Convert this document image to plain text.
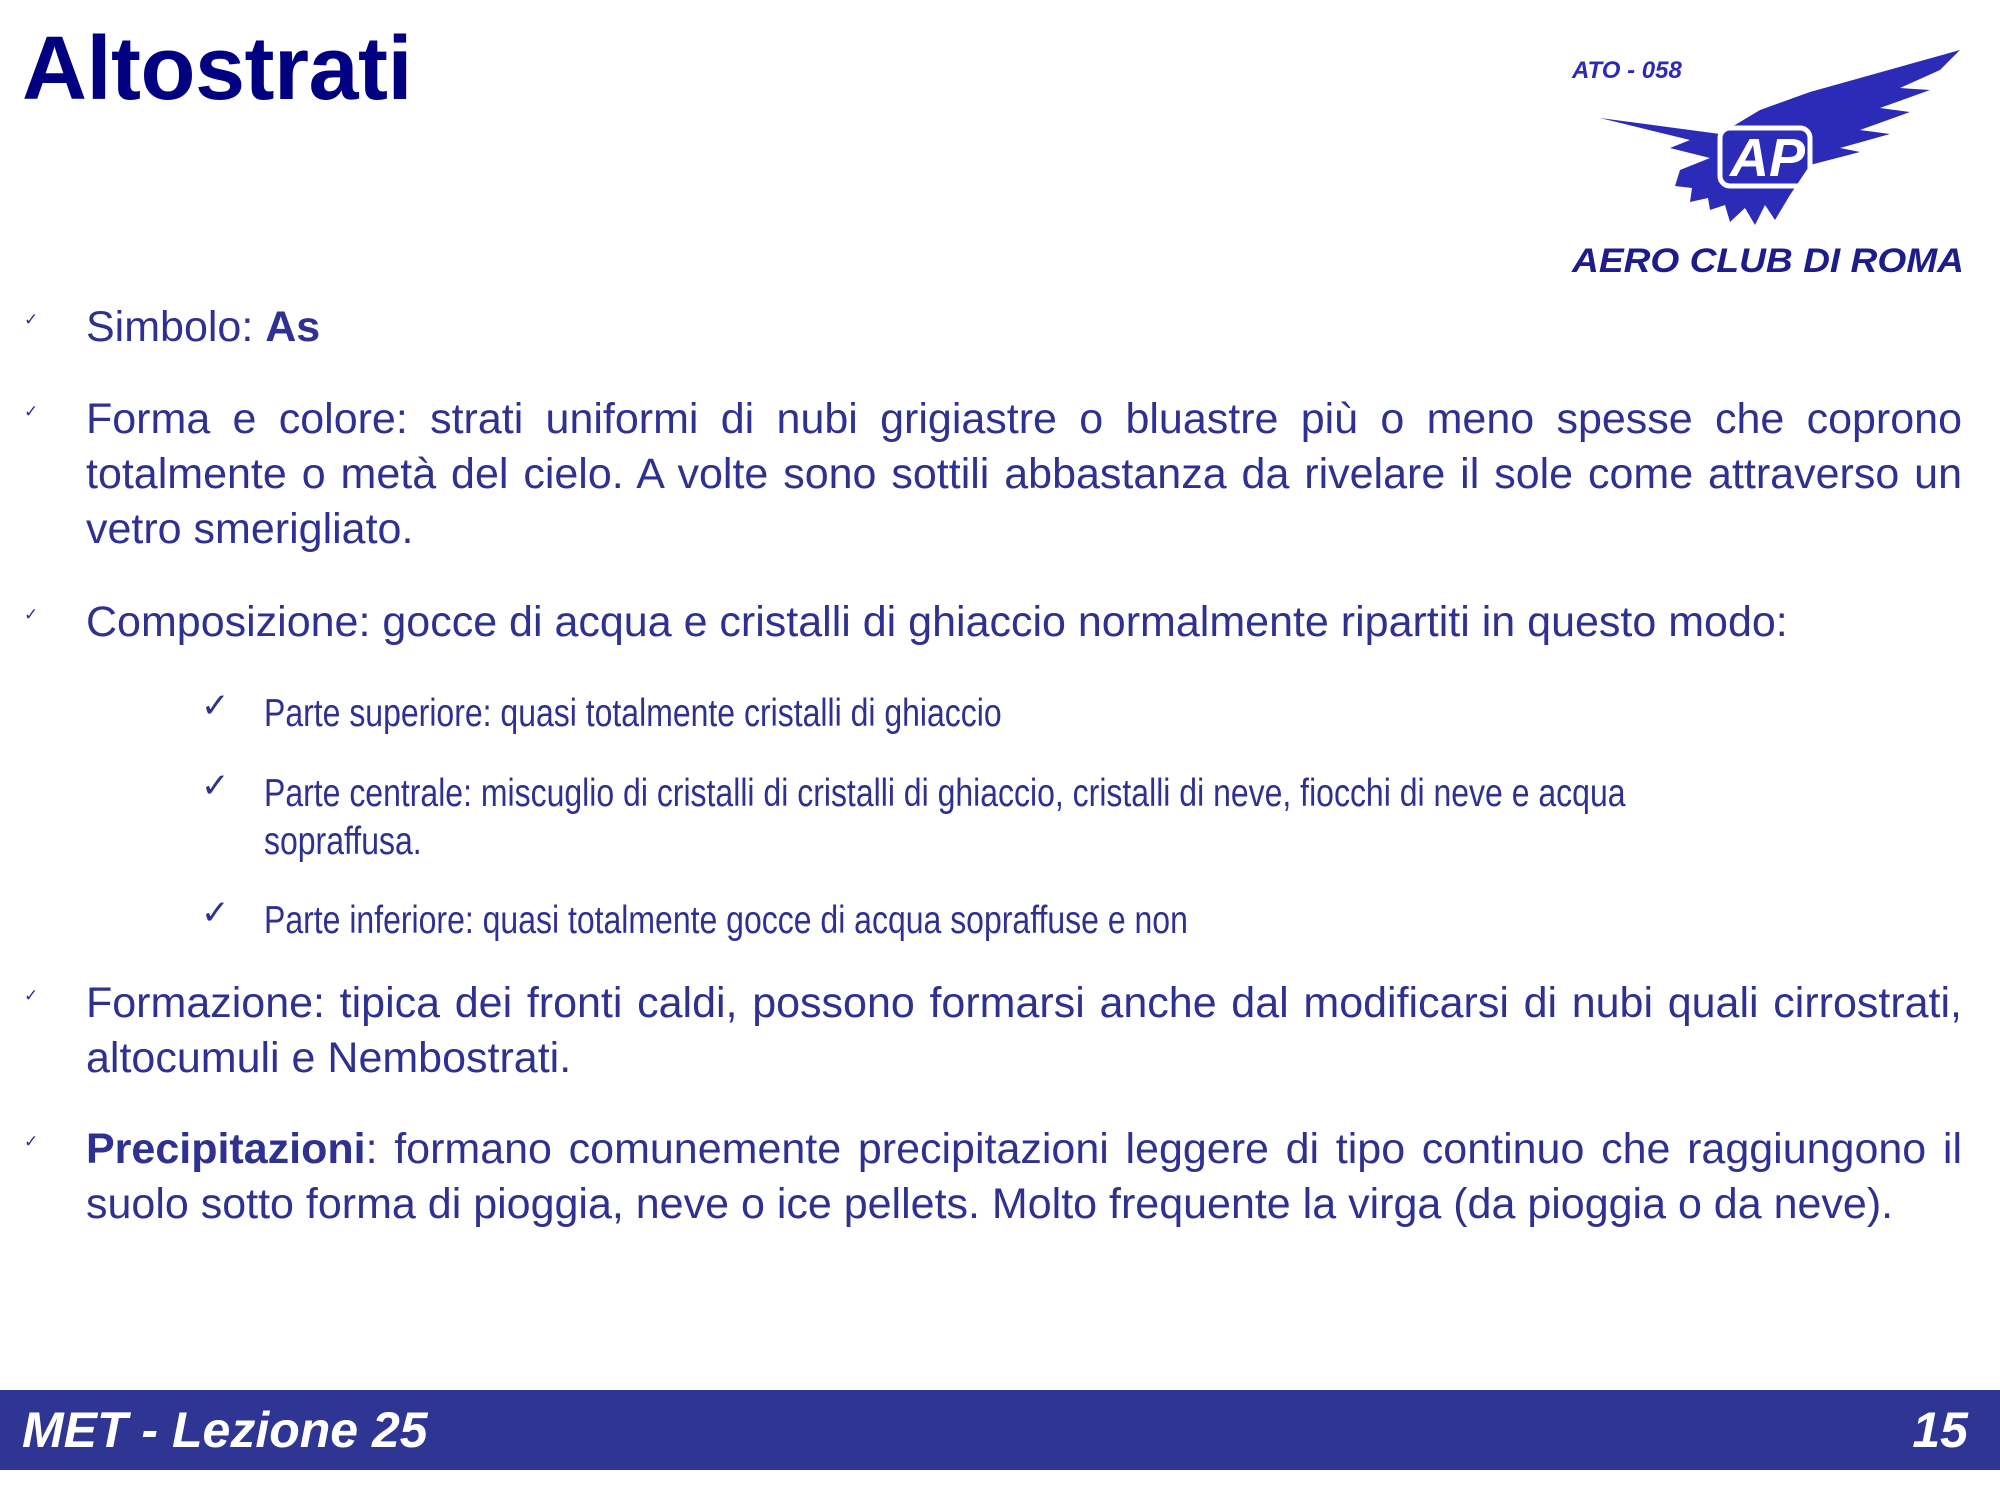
Altostrati	ATO - 058
AP
AERO CLUB DI ROMA
✓ Simbolo: As
✓ Forma e colore: strati uniformi di nubi grigiastre o bluastre più o meno spesse che coprono totalmente o metà del cielo. A volte sono sottili abbastanza da rivelare il sole come attraverso un vetro smerigliato.
✓ Composizione: gocce di acqua e cristalli di ghiaccio normalmente ripartiti in questo modo:
✓ Parte superiore: quasi totalmente cristalli di ghiaccio
✓ Parte centrale: miscuglio di cristalli di cristalli di ghiaccio, cristalli di neve, fiocchi di neve e acqua sopraffusa.
✓ Parte inferiore: quasi totalmente gocce di acqua sopraffuse e non
✓ Formazione: tipica dei fronti caldi, possono formarsi anche dal modificarsi di nubi quali cirrostrati, altocumuli e Nembostrati.
✓ Precipitazioni: formano comunemente precipitazioni leggere di tipo continuo che raggiungono il suolo sotto forma di pioggia, neve o ice pellets. Molto frequente la virga (da pioggia o da neve).
MET - Lezione 25	15
